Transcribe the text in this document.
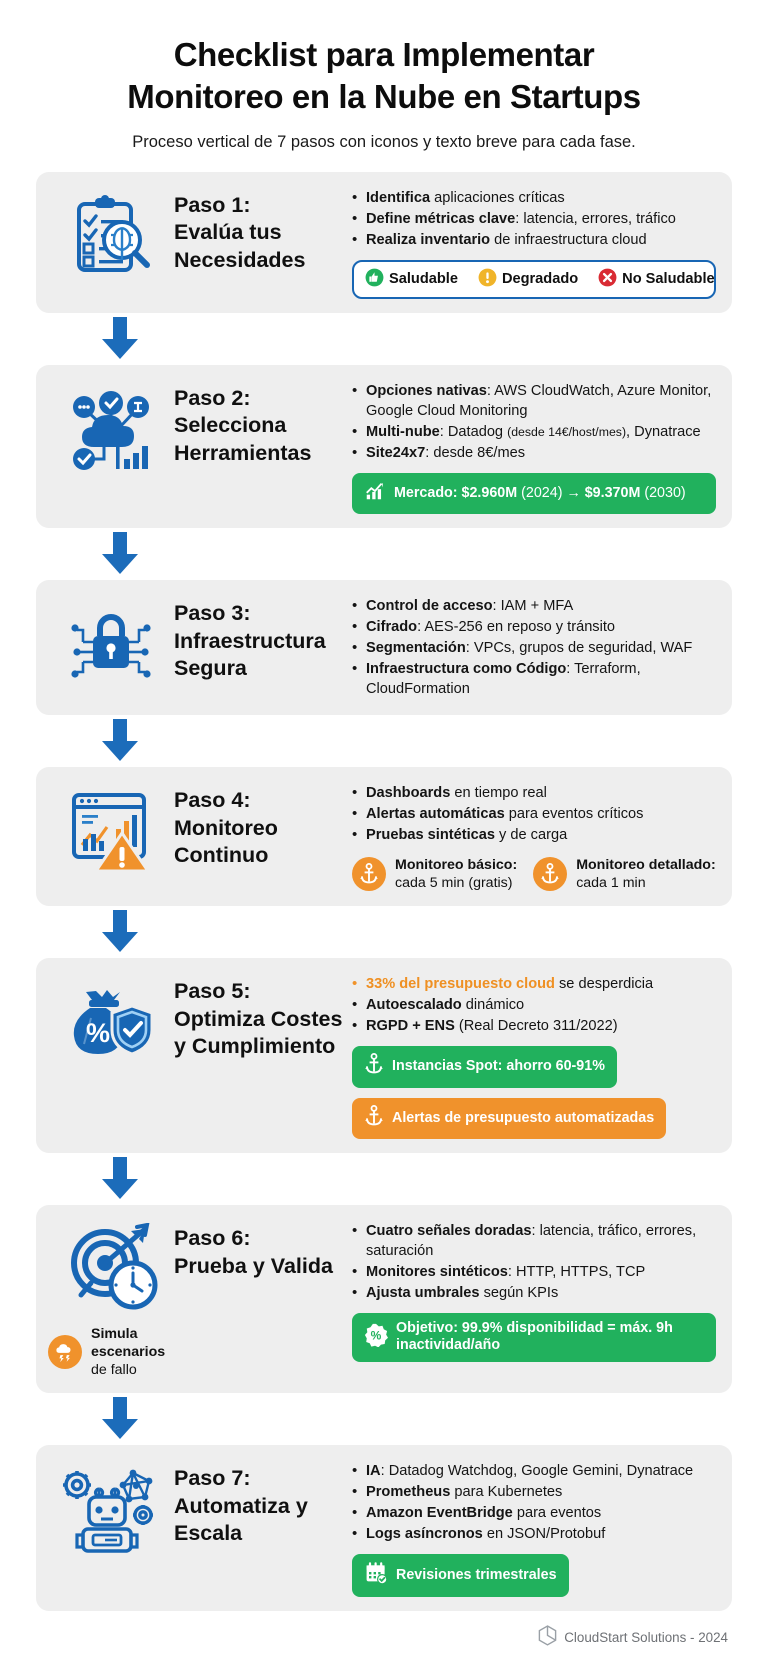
Checklist para Implementar
Monitoreo en la Nube en Startups
Proceso vertical de 7 pasos con iconos y texto breve para cada fase.
Paso 1:
Evalúa tus
Necesidades
• Identifica aplicaciones críticas
• Define métricas clave: latencia, errores, tráfico
• Realiza inventario de infraestructura cloud
Saludable	Degradado	No Saludable
Paso 2:
Selecciona
Herramientas
• Opciones nativas: AWS CloudWatch, Azure Monitor, Google Cloud Monitoring
• Multi-nube: Datadog (desde 14€/host/mes), Dynatrace
• Site24x7: desde 8€/mes
Mercado: $2.960M (2024) → $9.370M (2030)
Paso 3:
Infraestructura
Segura
• Control de acceso: IAM + MFA
• Cifrado: AES-256 en reposo y tránsito
• Segmentación: VPCs, grupos de seguridad, WAF
• Infraestructura como Código: Terraform, CloudFormation
Paso 4:
Monitoreo
Continuo
• Dashboards en tiempo real
• Alertas automáticas para eventos críticos
• Pruebas sintéticas y de carga
Monitoreo básico:
cada 5 min (gratis)
Monitoreo detallado:
cada 1 min
%
Paso 5:
Optimiza Costes
y Cumplimiento
• 33% del presupuesto cloud se desperdicia
• Autoescalado dinámico
• RGPD + ENS (Real Decreto 311/2022)
Instancias Spot: ahorro 60-91%
Alertas de presupuesto automatizadas
Simula escenarios
de fallo
Paso 6:
Prueba y Valida
• Cuatro señales doradas: latencia, tráfico, errores, saturación
• Monitores sintéticos: HTTP, HTTPS, TCP
• Ajusta umbrales según KPIs
% Objetivo: 99.9% disponibilidad = máx. 9h inactividad/año
Paso 7:
Automatiza y
Escala
• IA: Datadog Watchdog, Google Gemini, Dynatrace
• Prometheus para Kubernetes
• Amazon EventBridge para eventos
• Logs asíncronos en JSON/Protobuf
Revisiones trimestrales
CloudStart Solutions - 2024
